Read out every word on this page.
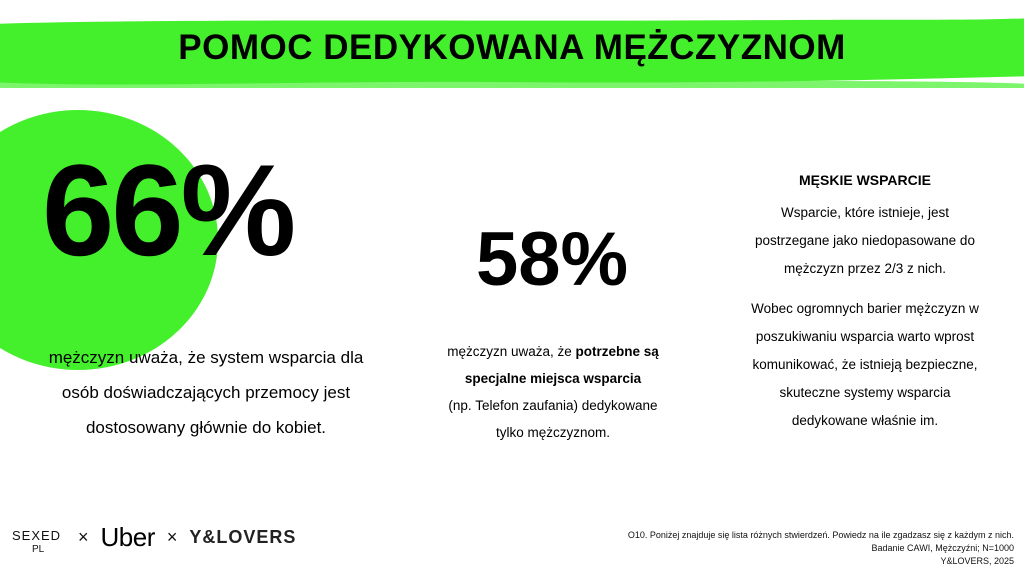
POMOC DEDYKOWANA MĘŻCZYZNOM
66%
mężczyzn uważa, że system wsparcia dla
osób doświadczających przemocy jest
dostosowany głównie do kobiet.
58%
mężczyzn uważa, że potrzebne są
specjalne miejsca wsparcia
(np. Telefon zaufania) dedykowane
tylko mężczyznom.
MĘSKIE WSPARCIE

Wsparcie, które istnieje, jest
postrzegane jako niedopasowane do
mężczyzn przez 2/3 z nich.

Wobec ogromnych barier mężczyzn w
poszukiwaniu wsparcia warto wprost
komunikować, że istnieją bezpieczne,
skuteczne systemy wsparcia
dedykowane właśnie im.

SEXED
PL
× Uber × Y&LOVERS	O10. Poniżej znajduje się lista różnych stwierdzeń. Powiedz na ile zgadzasz się z każdym z nich.
Badanie CAWI, Mężczyźni; N=1000
Y&LOVERS, 2025
